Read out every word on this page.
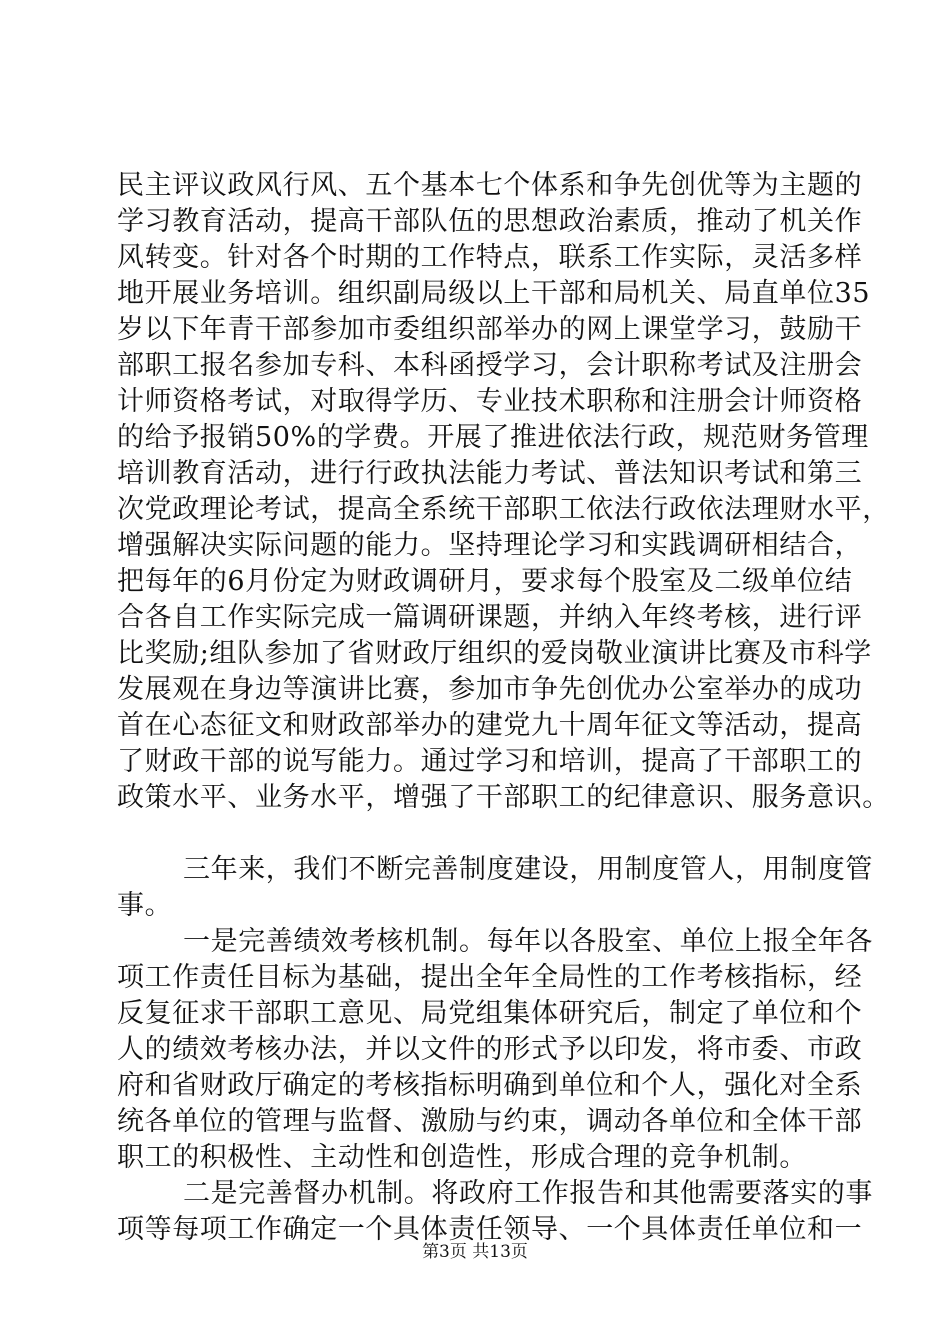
民主评议政风行风、五个基本七个体系和争先创优等为主题的
学习教育活动，提高干部队伍的思想政治素质，推动了机关作
风转变。针对各个时期的工作特点，联系工作实际，灵活多样
地开展业务培训。组织副局级以上干部和局机关、局直单位35
岁以下年青干部参加市委组织部举办的网上课堂学习，鼓励干
部职工报名参加专科、本科函授学习，会计职称考试及注册会
计师资格考试，对取得学历、专业技术职称和注册会计师资格
的给予报销50%的学费。开展了推进依法行政，规范财务管理
培训教育活动，进行行政执法能力考试、普法知识考试和第三
次党政理论考试，提高全系统干部职工依法行政依法理财水平，
增强解决实际问题的能力。坚持理论学习和实践调研相结合，
把每年的6月份定为财政调研月，要求每个股室及二级单位结
合各自工作实际完成一篇调研课题，并纳入年终考核，进行评
比奖励;组队参加了省财政厅组织的爱岗敬业演讲比赛及市科学
发展观在身边等演讲比赛，参加市争先创优办公室举办的成功
首在心态征文和财政部举办的建党九十周年征文等活动，提高
了财政干部的说写能力。通过学习和培训，提高了干部职工的
政策水平、业务水平，增强了干部职工的纪律意识、服务意识。
三年来，我们不断完善制度建设，用制度管人，用制度管
事。
一是完善绩效考核机制。每年以各股室、单位上报全年各
项工作责任目标为基础，提出全年全局性的工作考核指标，经
反复征求干部职工意见、局党组集体研究后，制定了单位和个
人的绩效考核办法，并以文件的形式予以印发，将市委、市政
府和省财政厅确定的考核指标明确到单位和个人，强化对全系
统各单位的管理与监督、激励与约束，调动各单位和全体干部
职工的积极性、主动性和创造性，形成合理的竞争机制。
二是完善督办机制。将政府工作报告和其他需要落实的事
项等每项工作确定一个具体责任领导、一个具体责任单位和一
第3页 共13页
